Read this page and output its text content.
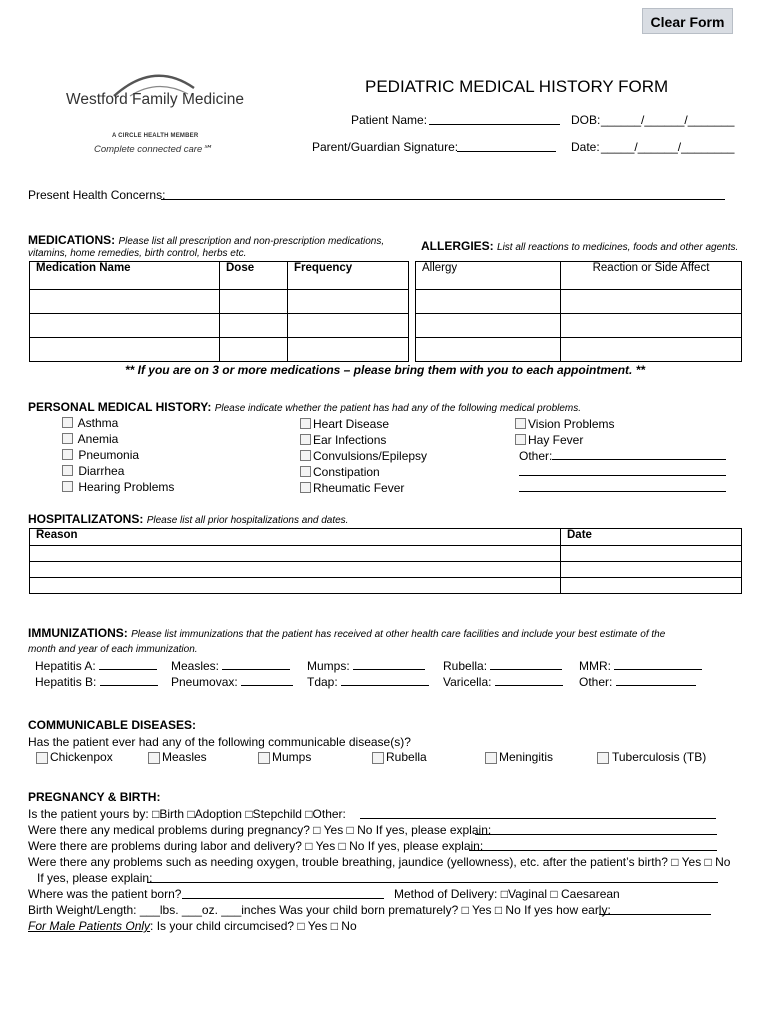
Clear Form
Westford Family Medicine
A CIRCLE HEALTH MEMBER
Complete connected care℠
PEDIATRIC MEDICAL HISTORY FORM
Patient Name:	DOB: ______/______/_______
Parent/Guardian Signature:	Date: _____/______/________
Present Health Concerns:
MEDICATIONS: Please list all prescription and non-prescription medications,
vitamins, home remedies, birth control, herbs etc.
Medication Name	Dose	Frequency

ALLERGIES: List all reactions to medicines, foods and other agents.
Allergy	Reaction or Side Affect

** If you are on 3 or more medications – please bring them with you to each appointment. **
PERSONAL MEDICAL HISTORY: Please indicate whether the patient has had any of the following medical problems.
Asthma
Anemia
Pneumonia
Diarrhea
Hearing Problems
Heart Disease
Ear Infections
Convulsions/Epilepsy
Constipation
Rheumatic Fever
Vision Problems
Hay Fever
Other:
HOSPITALIZATONS: Please list all prior hospitalizations and dates.
Reason	Date

IMMUNIZATIONS: Please list immunizations that the patient has received at other health care facilities and include your best estimate of the
month and year of each immunization.
Hepatitis A:	Measles:	Mumps:	Rubella:	MMR:
Hepatitis B:	Pneumovax:	Tdap:	Varicella:	Other:
COMMUNICABLE DISEASES:
Has the patient ever had any of the following communicable disease(s)?
Chickenpox	Measles	Mumps	Rubella	Meningitis	Tuberculosis (TB)
PREGNANCY & BIRTH:
Is the patient yours by: □Birth □Adoption □Stepchild □Other:
Were there any medical problems during pregnancy? □ Yes □ No If yes, please explain:
Were there are problems during labor and delivery? □ Yes □ No If yes, please explain:
Were there any problems such as needing oxygen, trouble breathing, jaundice (yellowness), etc. after the patient’s birth? □ Yes □ No
If yes, please explain:
Where was the patient born?	Method of Delivery: □Vaginal □ Caesarean
Birth Weight/Length: ___lbs. ___oz. ___inches Was your child born prematurely? □ Yes □ No If yes how early:
For Male Patients Only: Is your child circumcised? □ Yes □ No
